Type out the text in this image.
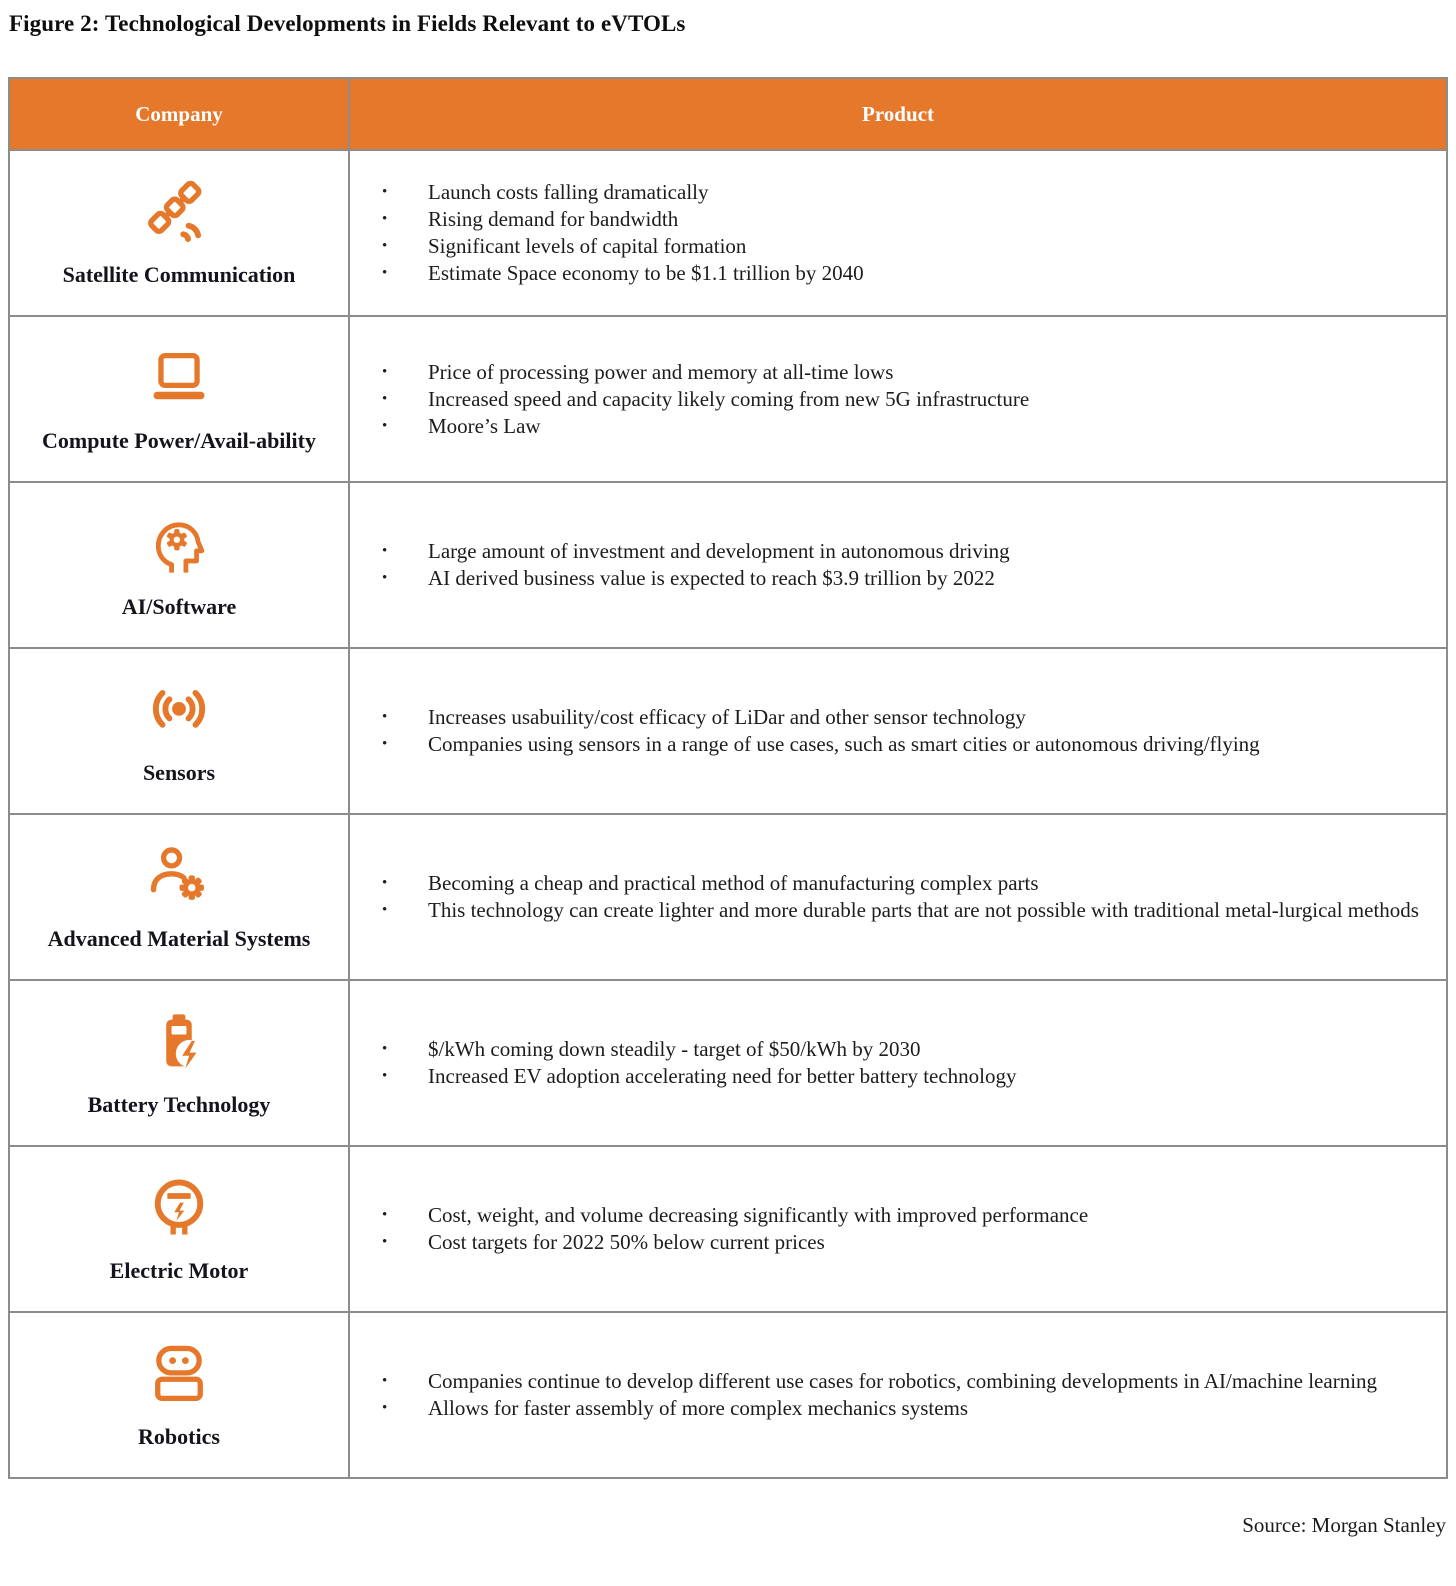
Figure 2: Technological Developments in Fields Relevant to eVTOLs
Company	Product
Satellite Communication
•	Launch costs falling dramatically
•	Rising demand for bandwidth
•	Significant levels of capital formation
•	Estimate Space economy to be $1.1 trillion by 2040
Compute Power/Avail-ability
•	Price of processing power and memory at all-time lows
•	Increased speed and capacity likely coming from new 5G infrastructure
•	Moore’s Law
AI/Software
•	Large amount of investment and development in autonomous driving
•	AI derived business value is expected to reach $3.9 trillion by 2022
Sensors
•	Increases usabuility/cost efficacy of LiDar and other sensor technology
•	Companies using sensors in a range of use cases, such as smart cities or autonomous driving/flying
Advanced Material Systems
•	Becoming a cheap and practical method of manufacturing complex parts
•	This technology can create lighter and more durable parts that are not possible with traditional metal-lurgical methods
Battery Technology
•	$/kWh coming down steadily - target of $50/kWh by 2030
•	Increased EV adoption accelerating need for better battery technology
Electric Motor
•	Cost, weight, and volume decreasing significantly with improved performance
•	Cost targets for 2022 50% below current prices
Robotics
•	Companies continue to develop different use cases for robotics, combining developments in AI/machine learning
•	Allows for faster assembly of more complex mechanics systems
Source: Morgan Stanley
